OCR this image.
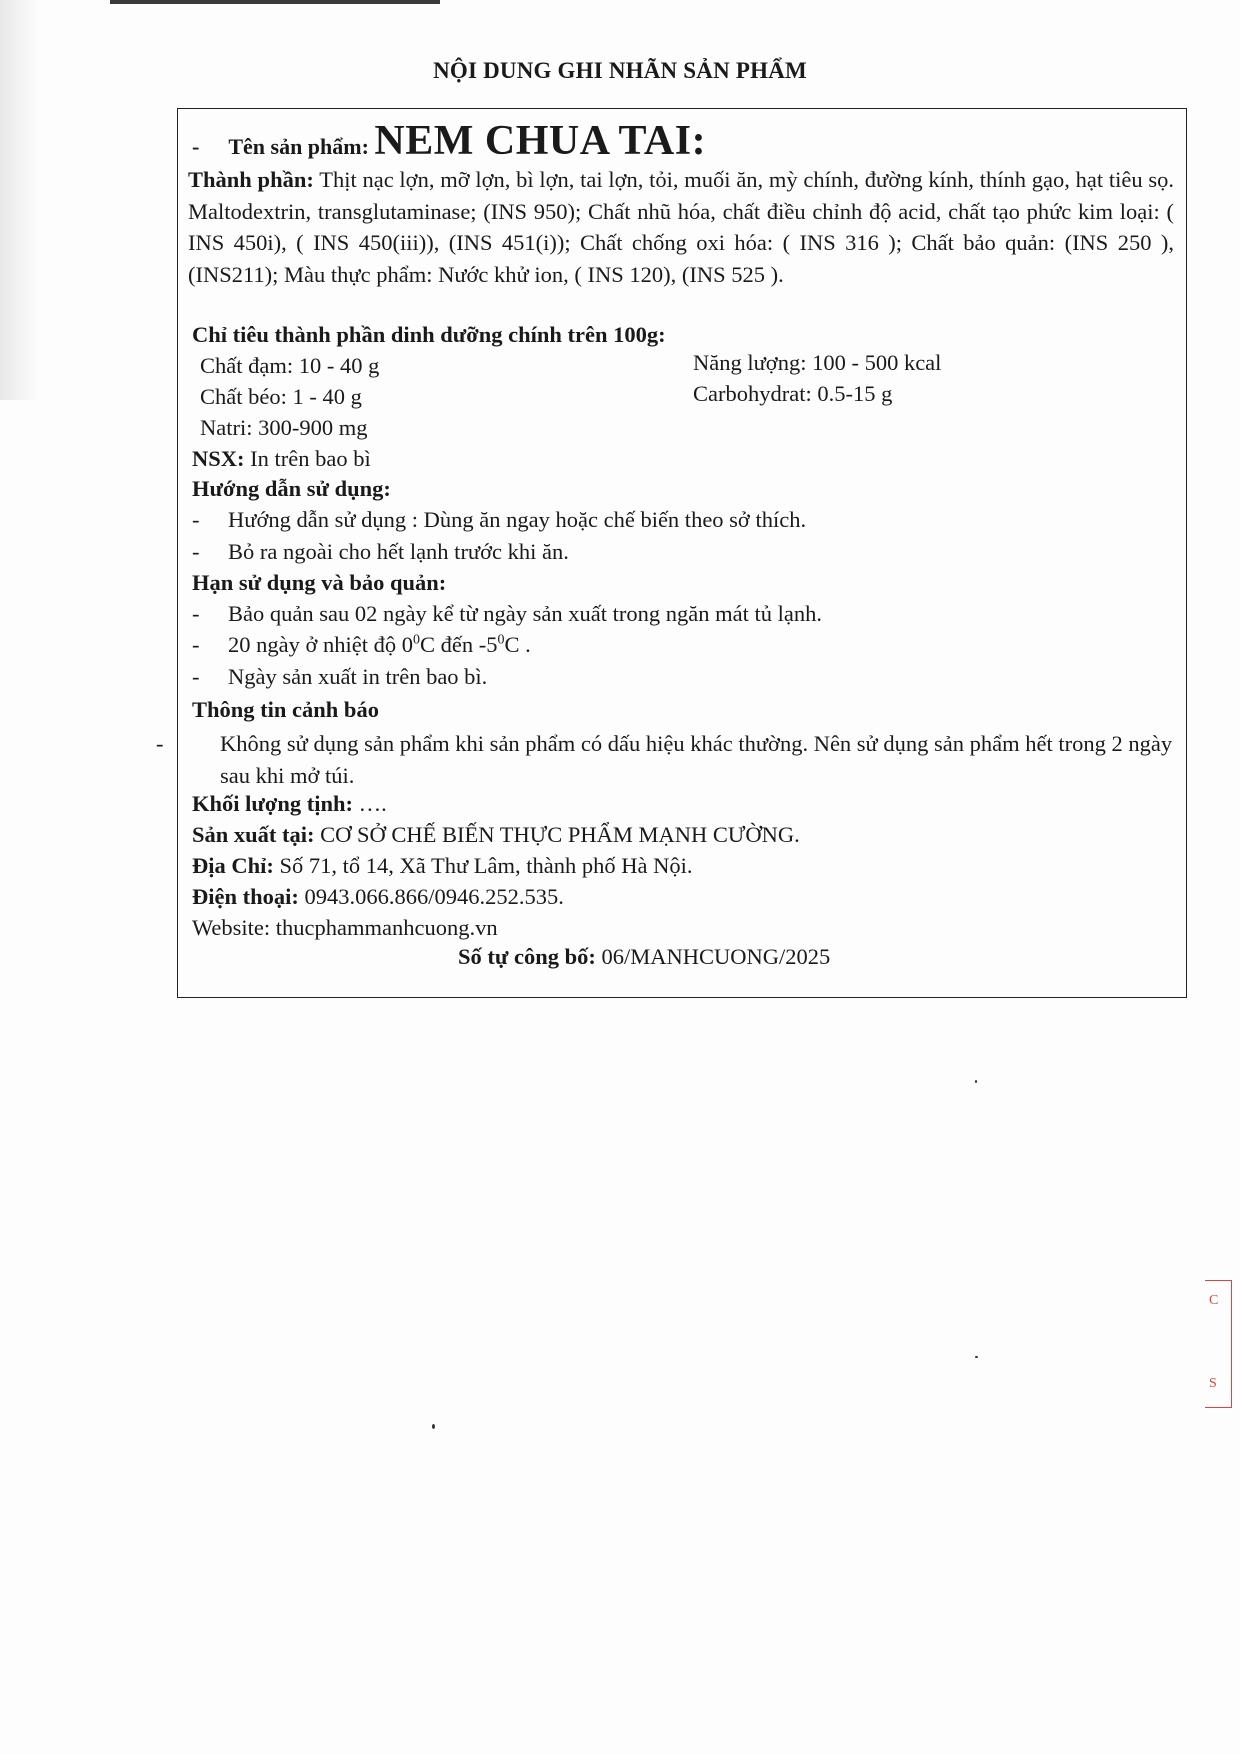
NỘI DUNG GHI NHÃN SẢN PHẨM
- Tên sản phẩm: NEM CHUA TAI:
Thành phần: Thịt nạc lợn, mỡ lợn, bì lợn, tai lợn, tỏi, muối ăn, mỳ chính, đường kính, thính gạo, hạt tiêu sọ. Maltodextrin, transglutaminase; (INS 950); Chất nhũ hóa, chất điều chỉnh độ acid, chất tạo phức kim loại: ( INS 450i), ( INS 450(iii)), (INS 451(i)); Chất chống oxi hóa: ( INS 316 ); Chất bảo quản: (INS 250 ), (INS211); Màu thực phẩm: Nước khử ion, ( INS 120), (INS 525 ).
Chỉ tiêu thành phần dinh dưỡng chính trên 100g:
Chất đạm: 10 - 40 g	Năng lượng: 100 - 500 kcal
Chất béo: 1 - 40 g	Carbohydrat: 0.5-15 g
Natri: 300-900 mg
NSX: In trên bao bì
Hướng dẫn sử dụng:
- Hướng dẫn sử dụng : Dùng ăn ngay hoặc chế biến theo sở thích.
- Bỏ ra ngoài cho hết lạnh trước khi ăn.
Hạn sử dụng và bảo quản:
- Bảo quản sau 02 ngày kể từ ngày sản xuất trong ngăn mát tủ lạnh.
- 20 ngày ở nhiệt độ $0^0C$ đến $-5^0C$ .
- Ngày sản xuất in trên bao bì.
Thông tin cảnh báo
-	Không sử dụng sản phẩm khi sản phẩm có dấu hiệu khác thường. Nên sử dụng sản phẩm hết trong 2 ngày sau khi mở túi.
Khối lượng tịnh: ….
Sản xuất tại: CƠ SỞ CHẾ BIẾN THỰC PHẨM MẠNH CƯỜNG.
Địa Chỉ: Số 71, tổ 14, Xã Thư Lâm, thành phố Hà Nội.
Điện thoại: 0943.066.866/0946.252.535.
Website: thucphammanhcuong.vn
Số tự công bố: 06/MANHCUONG/2025
C
S
